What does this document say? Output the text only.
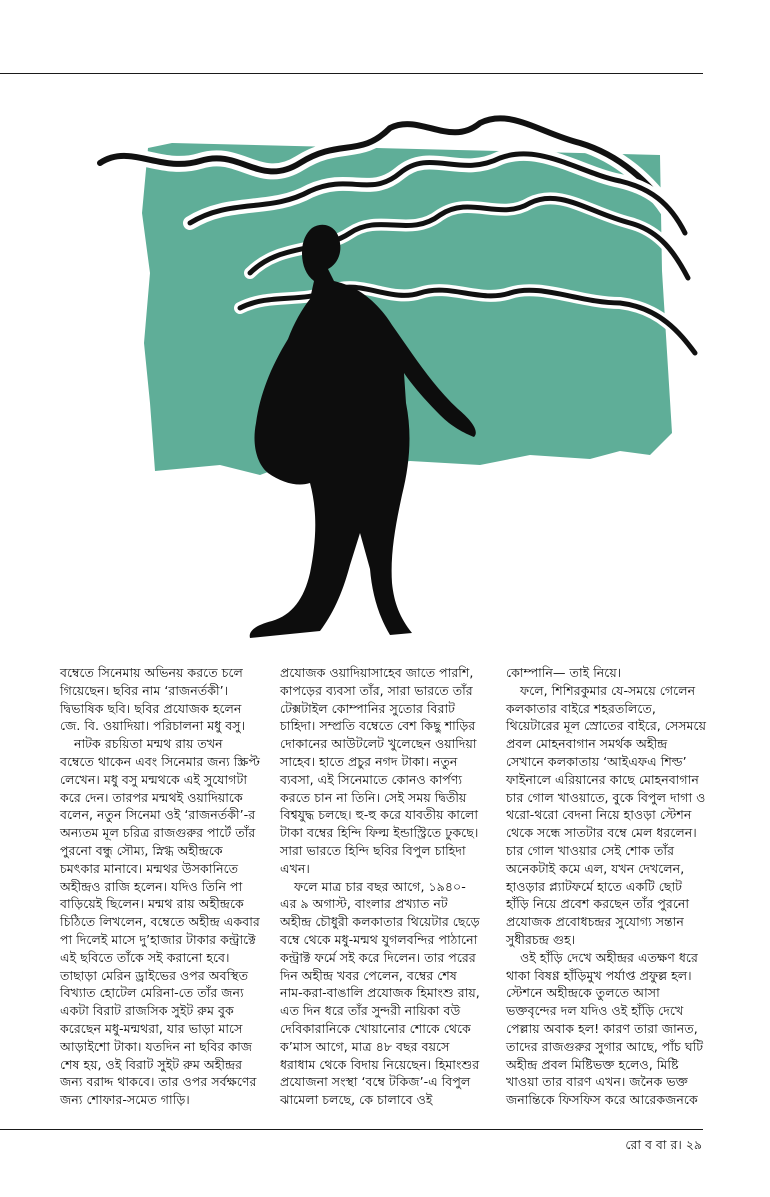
বম্বেতে সিনেমায় অভিনয় করতে চলে গিয়েছেন। ছবির নাম ‘রাজনর্তকী’। দ্বিভাষিক ছবি। ছবির প্রযোজক হলেন জে. বি. ওয়াদিয়া। পরিচালনা মধু বসু।

নাটক রচয়িতা মন্মথ রায় তখন বম্বেতে থাকেন এবং সিনেমার জন্য স্ক্রিপ্ট লেখেন। মধু বসু মন্মথকে এই সুযোগটা করে দেন। তারপর মন্মথই ওয়াদিয়াকে বলেন, নতুন সিনেমা ওই ‘রাজনর্তকী’-র অন্যতম মূল চরিত্র রাজগুরুর পার্টে তাঁর পুরনো বন্ধু সৌম্য, স্নিগ্ধ অহীন্দ্রকে চমৎকার মানাবে। মন্মথর উসকানিতে অহীন্দ্রও রাজি হলেন। যদিও তিনি পা বাড়িয়েই ছিলেন। মন্মথ রায় অহীন্দ্রকে চিঠিতে লিখলেন, বম্বেতে অহীন্দ্র একবার পা দিলেই মাসে দু’হাজার টাকার কন্ট্রাক্টে এই ছবিতে তাঁকে সই করানো হবে। তাছাড়া মেরিন ড্রাইভের ওপর অবস্থিত বিখ্যাত হোটেল মেরিনা-তে তাঁর জন্য একটা বিরাট রাজসিক সুইট রুম বুক করেছেন মধু-মন্মথরা, যার ভাড়া মাসে আড়াইশো টাকা। যতদিন না ছবির কাজ শেষ হয়, ওই বিরাট সুইট রুম অহীন্দ্রর জন্য বরাদ্দ থাকবে। তার ওপর সর্বক্ষণের জন্য শোফার-সমেত গাড়ি।

প্রযোজক ওয়াদিয়াসাহেব জাতে পারশি, কাপড়ের ব্যবসা তাঁর, সারা ভারতে তাঁর টেক্সটাইল কোম্পানির সুতোর বিরাট চাহিদা। সম্প্রতি বম্বেতে বেশ কিছু শাড়ির দোকানের আউটলেট খুলেছেন ওয়াদিয়া সাহেব। হাতে প্রচুর নগদ টাকা। নতুন ব্যবসা, এই সিনেমাতে কোনও কার্পণ্য করতে চান না তিনি। সেই সময় দ্বিতীয় বিশ্বযুদ্ধ চলছে। হু-হু করে যাবতীয় কালো টাকা বম্বের হিন্দি ফিল্ম ইন্ডাস্ট্রিতে ঢুকছে। সারা ভারতে হিন্দি ছবির বিপুল চাহিদা এখন।

ফলে মাত্র চার বছর আগে, ১৯৪০-এর ৯ অগাস্ট, বাংলার প্রখ্যাত নট অহীন্দ্র চৌধুরী কলকাতার থিয়েটার ছেড়ে বম্বে থেকে মধু-মন্মথ যুগলবন্দির পাঠানো কন্ট্রাক্ট ফর্মে সই করে দিলেন। তার পরের দিন অহীন্দ্র খবর পেলেন, বম্বের শেষ নাম-করা-বাঙালি প্রযোজক হিমাংশু রায়, এত দিন ধরে তাঁর সুন্দরী নায়িকা বউ দেবিকারানিকে খোয়ানোর শোকে থেকে ক’মাস আগে, মাত্র ৪৮ বছর বয়সে ধরাধাম থেকে বিদায় নিয়েছেন। হিমাংশুর প্রযোজনা সংস্থা ‘বম্বে টকিজ’-এ বিপুল ঝামেলা চলছে, কে চালাবে ওই

কোম্পানি— তাই নিয়ে।

ফলে, শিশিরকুমার যে-সময়ে গেলেন কলকাতার বাইরে শহরতলিতে, থিয়েটারের মূল স্রোতের বাইরে, সেসময়ে প্রবল মোহনবাগান সমর্থক অহীন্দ্র সেখানে কলকাতায় ‘আইএফএ শিল্ড’ ফাইনালে এরিয়ানের কাছে মোহনবাগান চার গোল খাওয়াতে, বুকে বিপুল দাগা ও থরো-থরো বেদনা নিয়ে হাওড়া স্টেশন থেকে সন্ধে সাতটার বম্বে মেল ধরলেন। চার গোল খাওয়ার সেই শোক তাঁর অনেকটাই কমে এল, যখন দেখলেন, হাওড়ার প্ল্যাটফর্মে হাতে একটি ছোট হাঁড়ি নিয়ে প্রবেশ করছেন তাঁর পুরনো প্রযোজক প্রবোধচন্দ্রর সুযোগ্য সন্তান সুধীরচন্দ্র গুহ।

ওই হাঁড়ি দেখে অহীন্দ্রর এতক্ষণ ধরে থাকা বিষণ্ণ হাঁড়িমুখ পর্যাপ্ত প্রফুল্ল হল। স্টেশনে অহীন্দ্রকে তুলতে আসা ভক্তবৃন্দের দল যদিও ওই হাঁড়ি দেখে পেল্লায় অবাক হল! কারণ তারা জানত, তাদের রাজগুরুর সুগার আছে, পাঁচ ঘটি অহীন্দ্র প্রবল মিষ্টিভক্ত হলেও, মিষ্টি খাওয়া তার বারণ এখন। জনৈক ভক্ত জনান্তিকে ফিসফিস করে আরেকজনকে

রো ব বা র। ২৯
